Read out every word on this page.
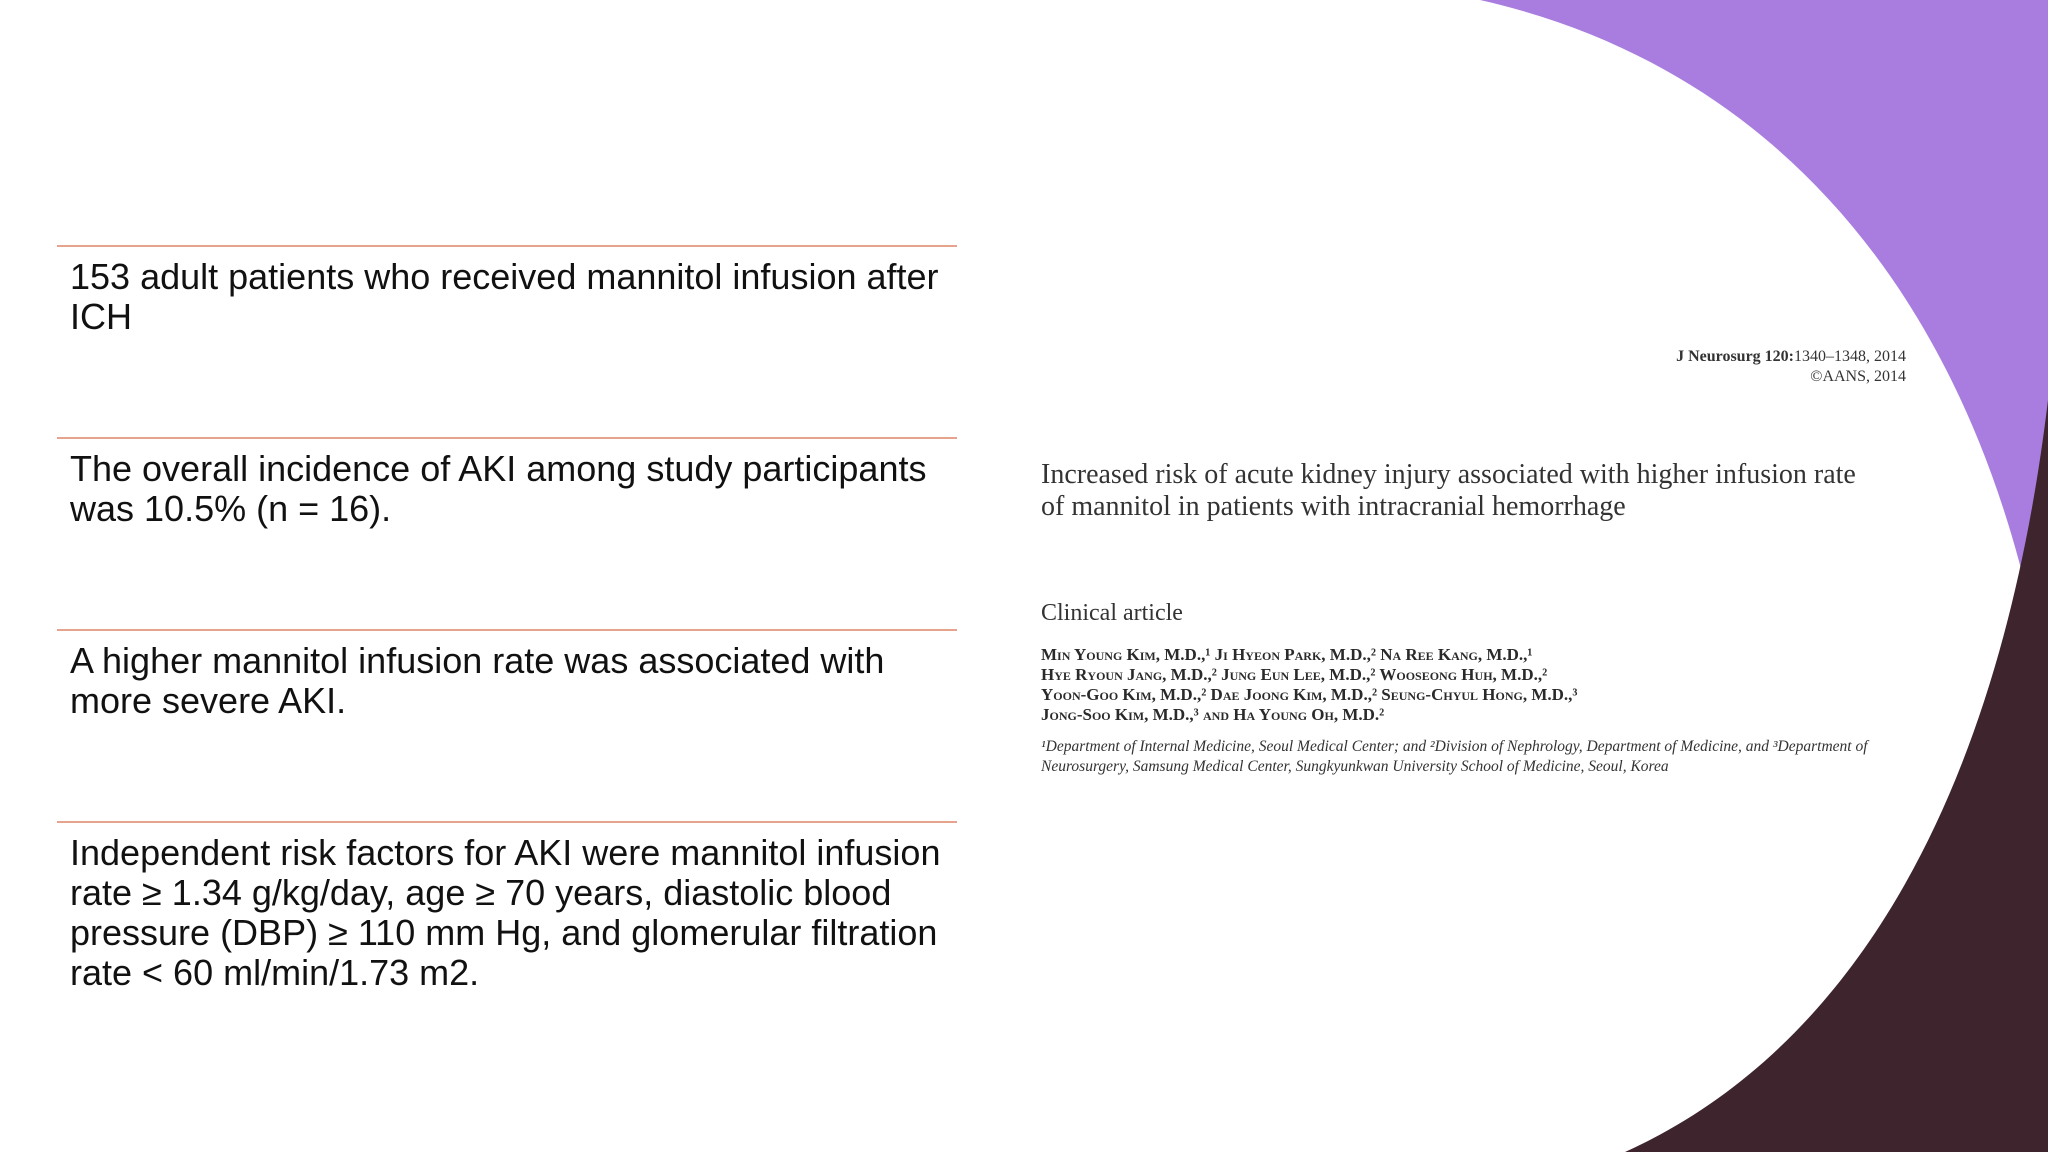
153 adult patients who received mannitol infusion after ICH

The overall incidence of AKI among study participants was 10.5% (n = 16).

A higher mannitol infusion rate was associated with more severe AKI.

Independent risk factors for AKI were mannitol infusion rate ≥ 1.34 g/kg/day, age ≥ 70 years, diastolic blood pressure (DBP) ≥ 110 mm Hg, and glomerular filtration rate < 60 ml/min/1.73 m2.

J Neurosurg 120:1340–1348, 2014
©AANS, 2014
Increased risk of acute kidney injury associated with higher infusion rate of mannitol in patients with intracranial hemorrhage
Clinical article
Min Young Kim, M.D.,¹ Ji Hyeon Park, M.D.,² Na Ree Kang, M.D.,¹
Hye Ryoun Jang, M.D.,² Jung Eun Lee, M.D.,² Wooseong Huh, M.D.,²
Yoon-Goo Kim, M.D.,² Dae Joong Kim, M.D.,² Seung-Chyul Hong, M.D.,³
Jong-Soo Kim, M.D.,³ and Ha Young Oh, M.D.²
¹Department of Internal Medicine, Seoul Medical Center; and ²Division of Nephrology, Department of Medicine, and ³Department of Neurosurgery, Samsung Medical Center, Sungkyunkwan University School of Medicine, Seoul, Korea
